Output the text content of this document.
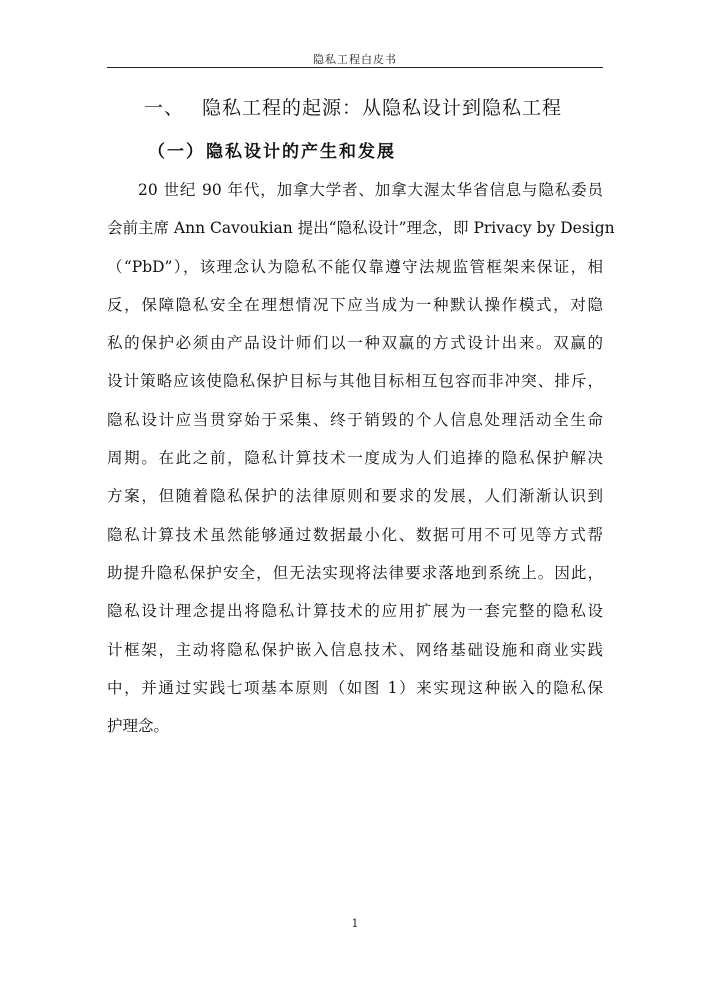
隐私工程白皮书
一、 隐私工程的起源：从隐私设计到隐私工程
（一）隐私设计的产生和发展
20 世纪 90 年代，加拿大学者、加拿大渥太华省信息与隐私委员
会前主席 Ann Cavoukian 提出“隐私设计”理念，即 Privacy by Design
（“PbD”），该理念认为隐私不能仅靠遵守法规监管框架来保证，相
反，保障隐私安全在理想情况下应当成为一种默认操作模式，对隐
私的保护必须由产品设计师们以一种双赢的方式设计出来。双赢的
设计策略应该使隐私保护目标与其他目标相互包容而非冲突、排斥，
隐私设计应当贯穿始于采集、终于销毁的个人信息处理活动全生命
周期。在此之前，隐私计算技术一度成为人们追捧的隐私保护解决
方案，但随着隐私保护的法律原则和要求的发展，人们渐渐认识到
隐私计算技术虽然能够通过数据最小化、数据可用不可见等方式帮
助提升隐私保护安全，但无法实现将法律要求落地到系统上。因此，
隐私设计理念提出将隐私计算技术的应用扩展为一套完整的隐私设
计框架，主动将隐私保护嵌入信息技术、网络基础设施和商业实践
中，并通过实践七项基本原则（如图 1）来实现这种嵌入的隐私保
护理念。
1
